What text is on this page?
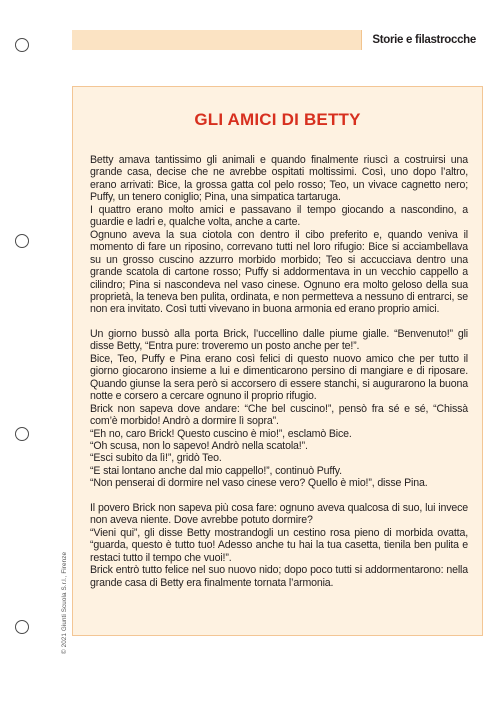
Storie e filastrocche
GLI AMICI DI BETTY

Betty amava tantissimo gli animali e quando finalmente riuscì a costruirsi una grande casa, decise che ne avrebbe ospitati moltissimi. Così, uno dopo l’altro, erano arrivati: Bice, la grossa gatta col pelo rosso; Teo, un vivace cagnetto nero; Puffy, un tenero coniglio; Pina, una simpatica tartaruga.

I quattro erano molto amici e passavano il tempo giocando a nascondino, a guardie e ladri e, qualche volta, anche a carte.

Ognuno aveva la sua ciotola con dentro il cibo preferito e, quando veniva il momento di fare un riposino, correvano tutti nel loro rifugio: Bice si acciambellava su un grosso cuscino azzurro morbido morbido; Teo si accucciava dentro una grande scatola di cartone rosso; Puffy si addormentava in un vecchio cappello a cilindro; Pina si nascondeva nel vaso cinese. Ognuno era molto geloso della sua proprietà, la teneva ben pulita, ordinata, e non permetteva a nessuno di entrarci, se non era invitato. Così tutti vivevano in buona armonia ed erano proprio amici.

Un giorno bussò alla porta Brick, l’uccellino dalle piume gialle. “Benvenuto!” gli disse Betty, “Entra pure: troveremo un posto anche per te!”.

Bice, Teo, Puffy e Pina erano così felici di questo nuovo amico che per tutto il giorno giocarono insieme a lui e dimenticarono persino di mangiare e di riposare. Quando giunse la sera però si accorsero di essere stanchi, si augurarono la buona notte e corsero a cercare ognuno il proprio rifugio.

Brick non sapeva dove andare: “Che bel cuscino!”, pensò fra sé e sé, “Chissà com’è morbido! Andrò a dormire lì sopra”.

“Eh no, caro Brick! Questo cuscino è mio!”, esclamò Bice.

“Oh scusa, non lo sapevo! Andrò nella scatola!”.

“Esci subito da lì!”, gridò Teo.

“E stai lontano anche dal mio cappello!”, continuò Puffy.

“Non penserai di dormire nel vaso cinese vero? Quello è mio!”, disse Pina.

Il povero Brick non sapeva più cosa fare: ognuno aveva qualcosa di suo, lui invece non aveva niente. Dove avrebbe potuto dormire?

“Vieni qui”, gli disse Betty mostrandogli un cestino rosa pieno di morbida ovatta, “guarda, questo è tutto tuo! Adesso anche tu hai la tua casetta, tienila ben pulita e restaci tutto il tempo che vuoi!”.

Brick entrò tutto felice nel suo nuovo nido; dopo poco tutti si addormentarono: nella grande casa di Betty era finalmente tornata l’armonia.

© 2021 Giunti Scuola S.r.l., Firenze
